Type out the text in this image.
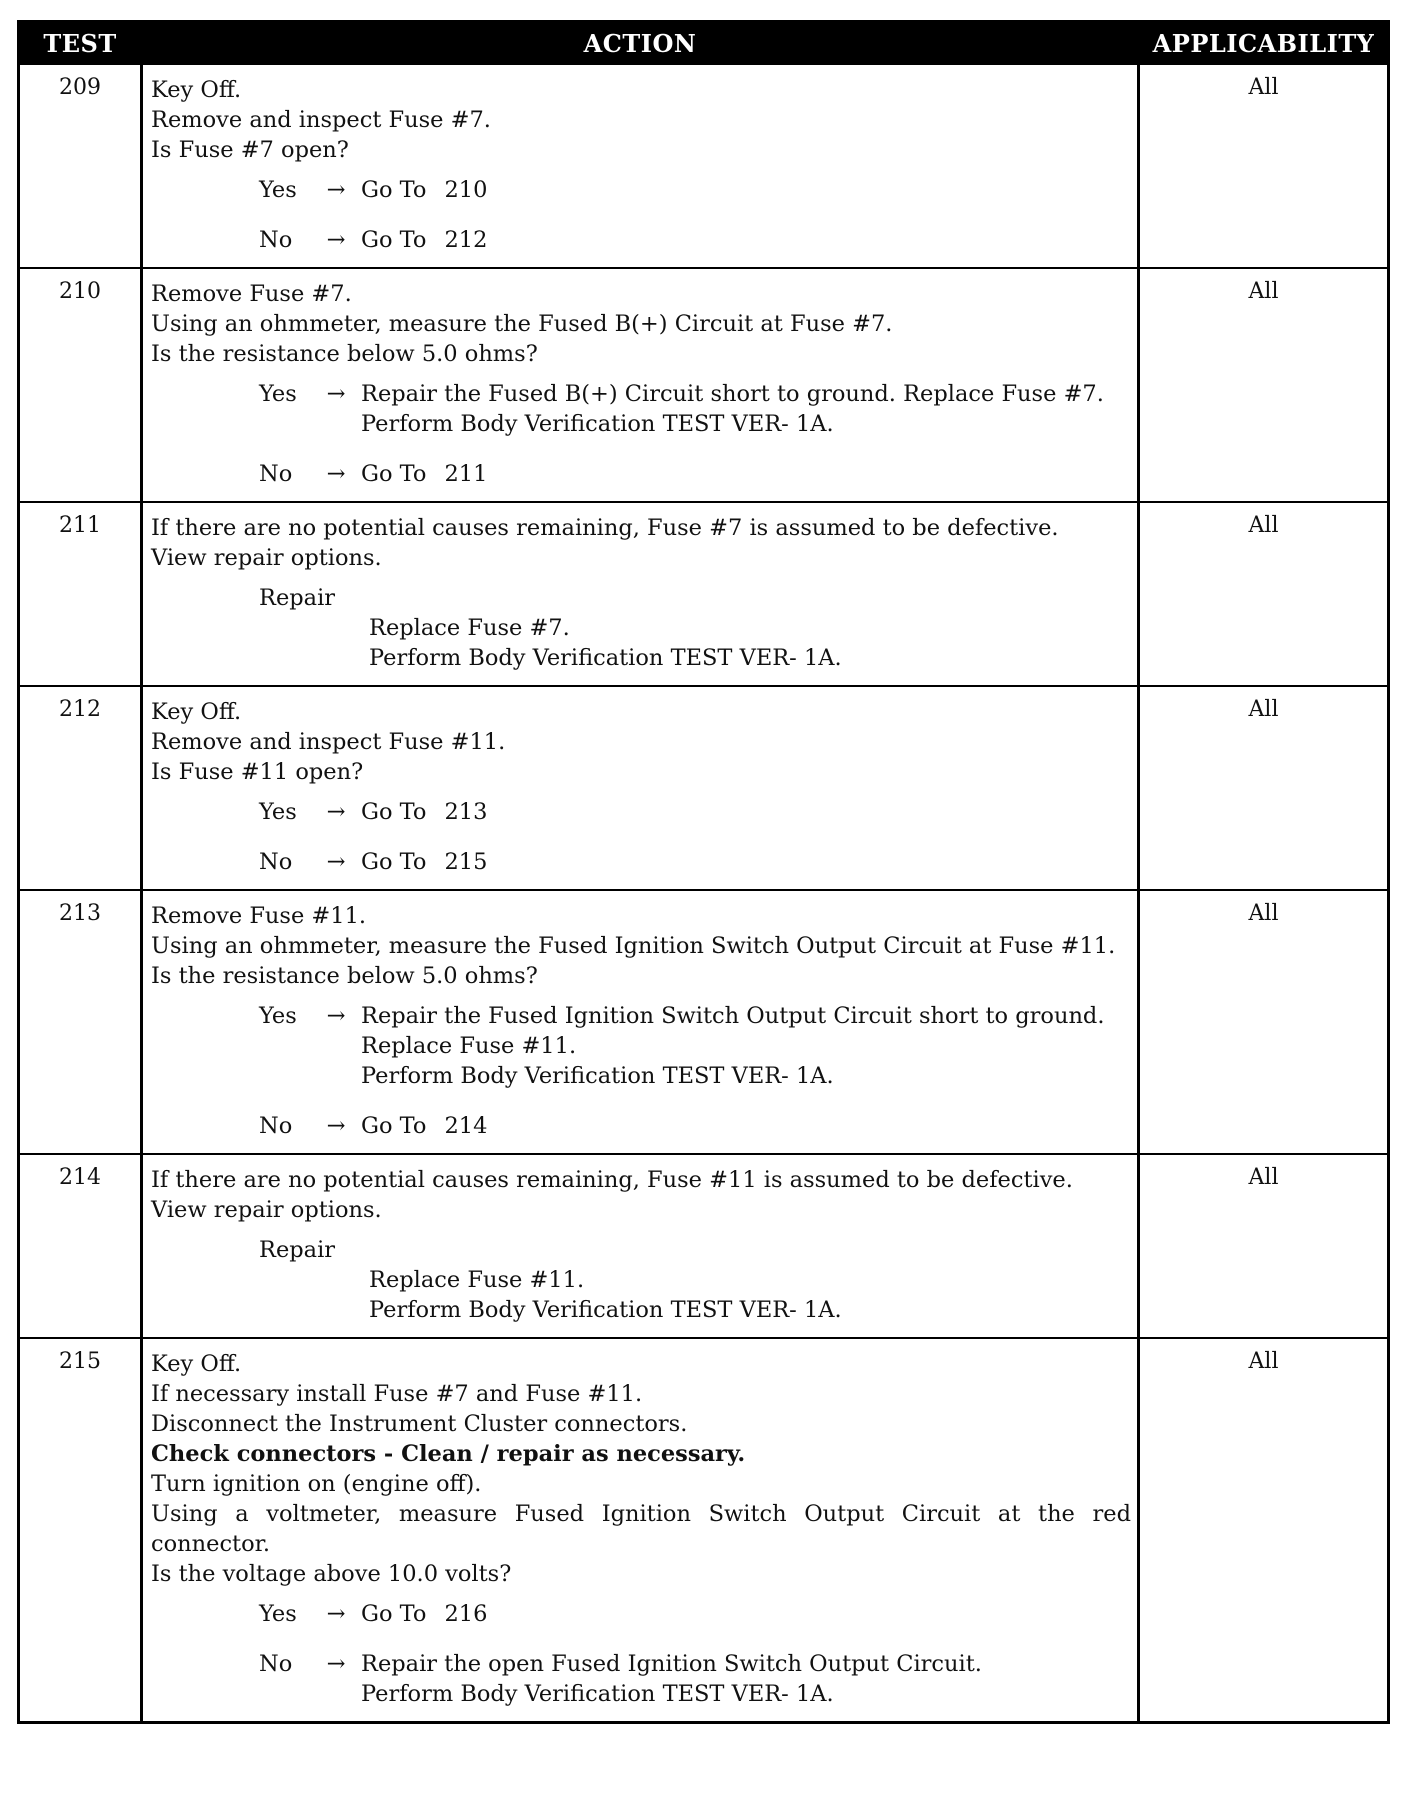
TEST	ACTION	APPLICABILITY
209	Key Off.
Remove and inspect Fuse #7.
Is Fuse #7 open?
Yes	→ Go To 210
No	→ Go To 212
All
210	Remove Fuse #7.
Using an ohmmeter, measure the Fused B(+) Circuit at Fuse #7.
Is the resistance below 5.0 ohms?
Yes	→ Repair the Fused B(+) Circuit short to ground. Replace Fuse #7.
Perform Body Verification TEST VER- 1A.
No	→ Go To 211
All
211	If there are no potential causes remaining, Fuse #7 is assumed to be defective.
View repair options.
Repair
Replace Fuse #7.
Perform Body Verification TEST VER- 1A.
All
212	Key Off.
Remove and inspect Fuse #11.
Is Fuse #11 open?
Yes	→ Go To 213
No	→ Go To 215
All
213	Remove Fuse #11.
Using an ohmmeter, measure the Fused Ignition Switch Output Circuit at Fuse #11.
Is the resistance below 5.0 ohms?
Yes	→ Repair the Fused Ignition Switch Output Circuit short to ground.
Replace Fuse #11.
Perform Body Verification TEST VER- 1A.
No	→ Go To 214
All
214	If there are no potential causes remaining, Fuse #11 is assumed to be defective.
View repair options.
Repair
Replace Fuse #11.
Perform Body Verification TEST VER- 1A.
All
215	Key Off.
If necessary install Fuse #7 and Fuse #11.
Disconnect the Instrument Cluster connectors.
Check connectors - Clean / repair as necessary.
Turn ignition on (engine off).
Using a voltmeter, measure Fused Ignition Switch Output Circuit at the red connector.
Is the voltage above 10.0 volts?
Yes	→ Go To 216
No	→ Repair the open Fused Ignition Switch Output Circuit.
Perform Body Verification TEST VER- 1A.
All
